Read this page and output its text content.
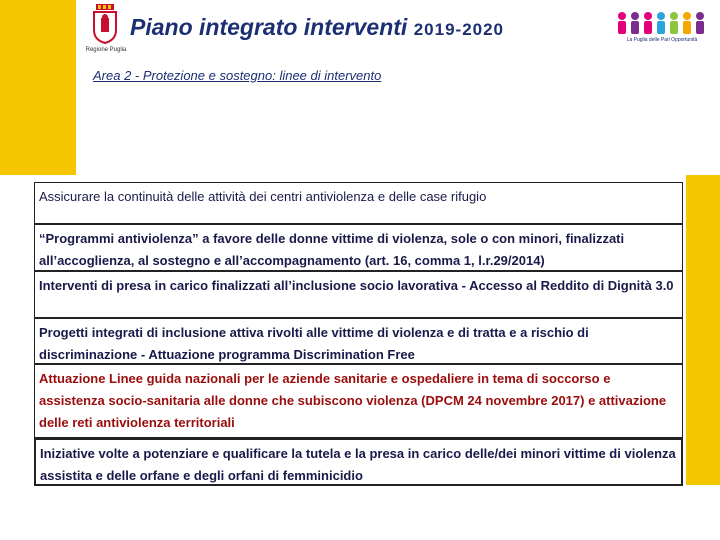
Regione Puglia
Piano integrato interventi 2019-2020
La Puglia delle Pari Opportunità
Area 2 - Protezione e sostegno: linee di intervento
Assicurare la continuità delle attività dei centri antiviolenza e delle case rifugio
“Programmi antiviolenza” a favore delle donne vittime di violenza, sole o con minori, finalizzati all’accoglienza, al sostegno e all’accompagnamento (art. 16, comma 1, l.r.29/2014)
Interventi di presa in carico finalizzati all’inclusione socio lavorativa - Accesso al Reddito di Dignità 3.0
Progetti integrati di inclusione attiva rivolti alle vittime di violenza e di tratta e a rischio di discriminazione - Attuazione programma Discrimination Free
Attuazione Linee guida nazionali per le aziende sanitarie e ospedaliere in tema di soccorso e assistenza socio-sanitaria alle donne che subiscono violenza (DPCM 24 novembre 2017) e attivazione delle reti antiviolenza territoriali
Iniziative volte a potenziare e qualificare la tutela e la presa in carico delle/dei minori vittime di violenza assistita e delle orfane e degli orfani di femminicidio
